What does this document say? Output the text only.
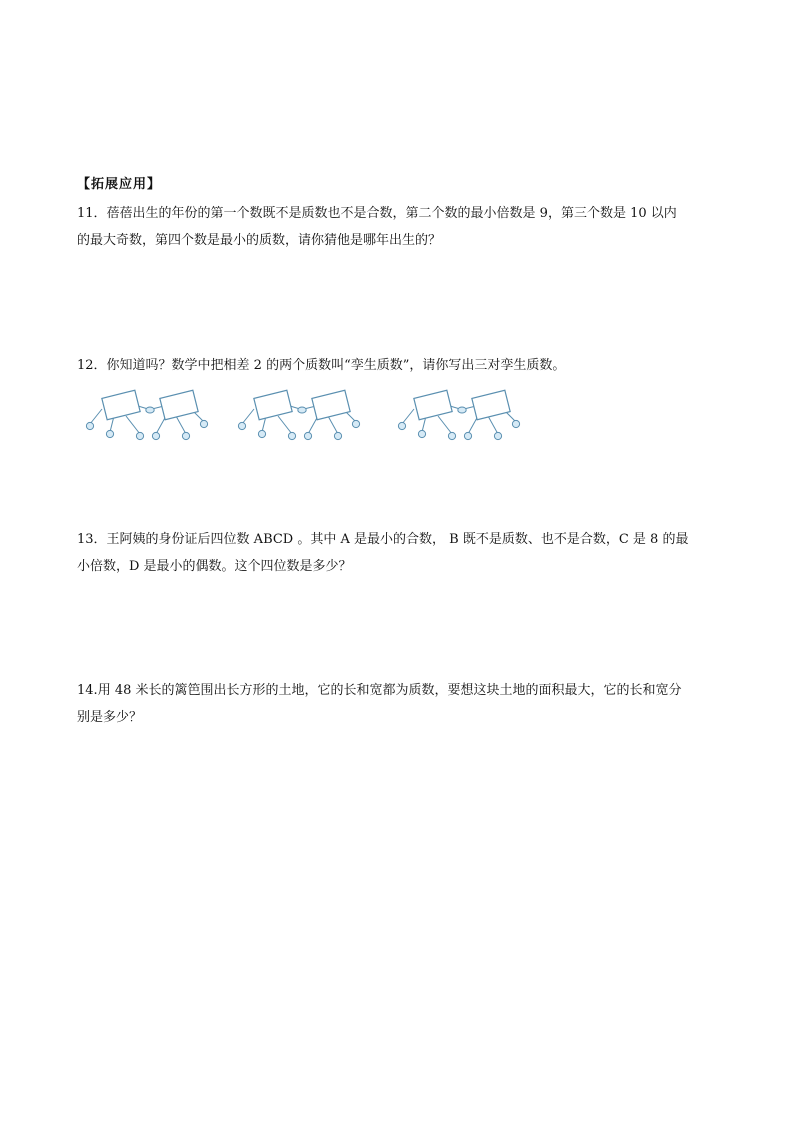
【拓展应用】

11．蓓蓓出生的年份的第一个数既不是质数也不是合数，第二个数的最小倍数是 9，第三个数是 10 以内

的最大奇数，第四个数是最小的质数，请你猜他是哪年出生的？

12．你知道吗？数学中把相差 2 的两个质数叫“孪生质数”，请你写出三对孪生质数。

13．王阿姨的身份证后四位数 ABCD 。其中 A 是最小的合数， B 既不是质数、也不是合数，C 是 8 的最

小倍数，D 是最小的偶数。这个四位数是多少？

14.用 48 米长的篱笆围出长方形的土地，它的长和宽都为质数，要想这块土地的面积最大，它的长和宽分

别是多少？
